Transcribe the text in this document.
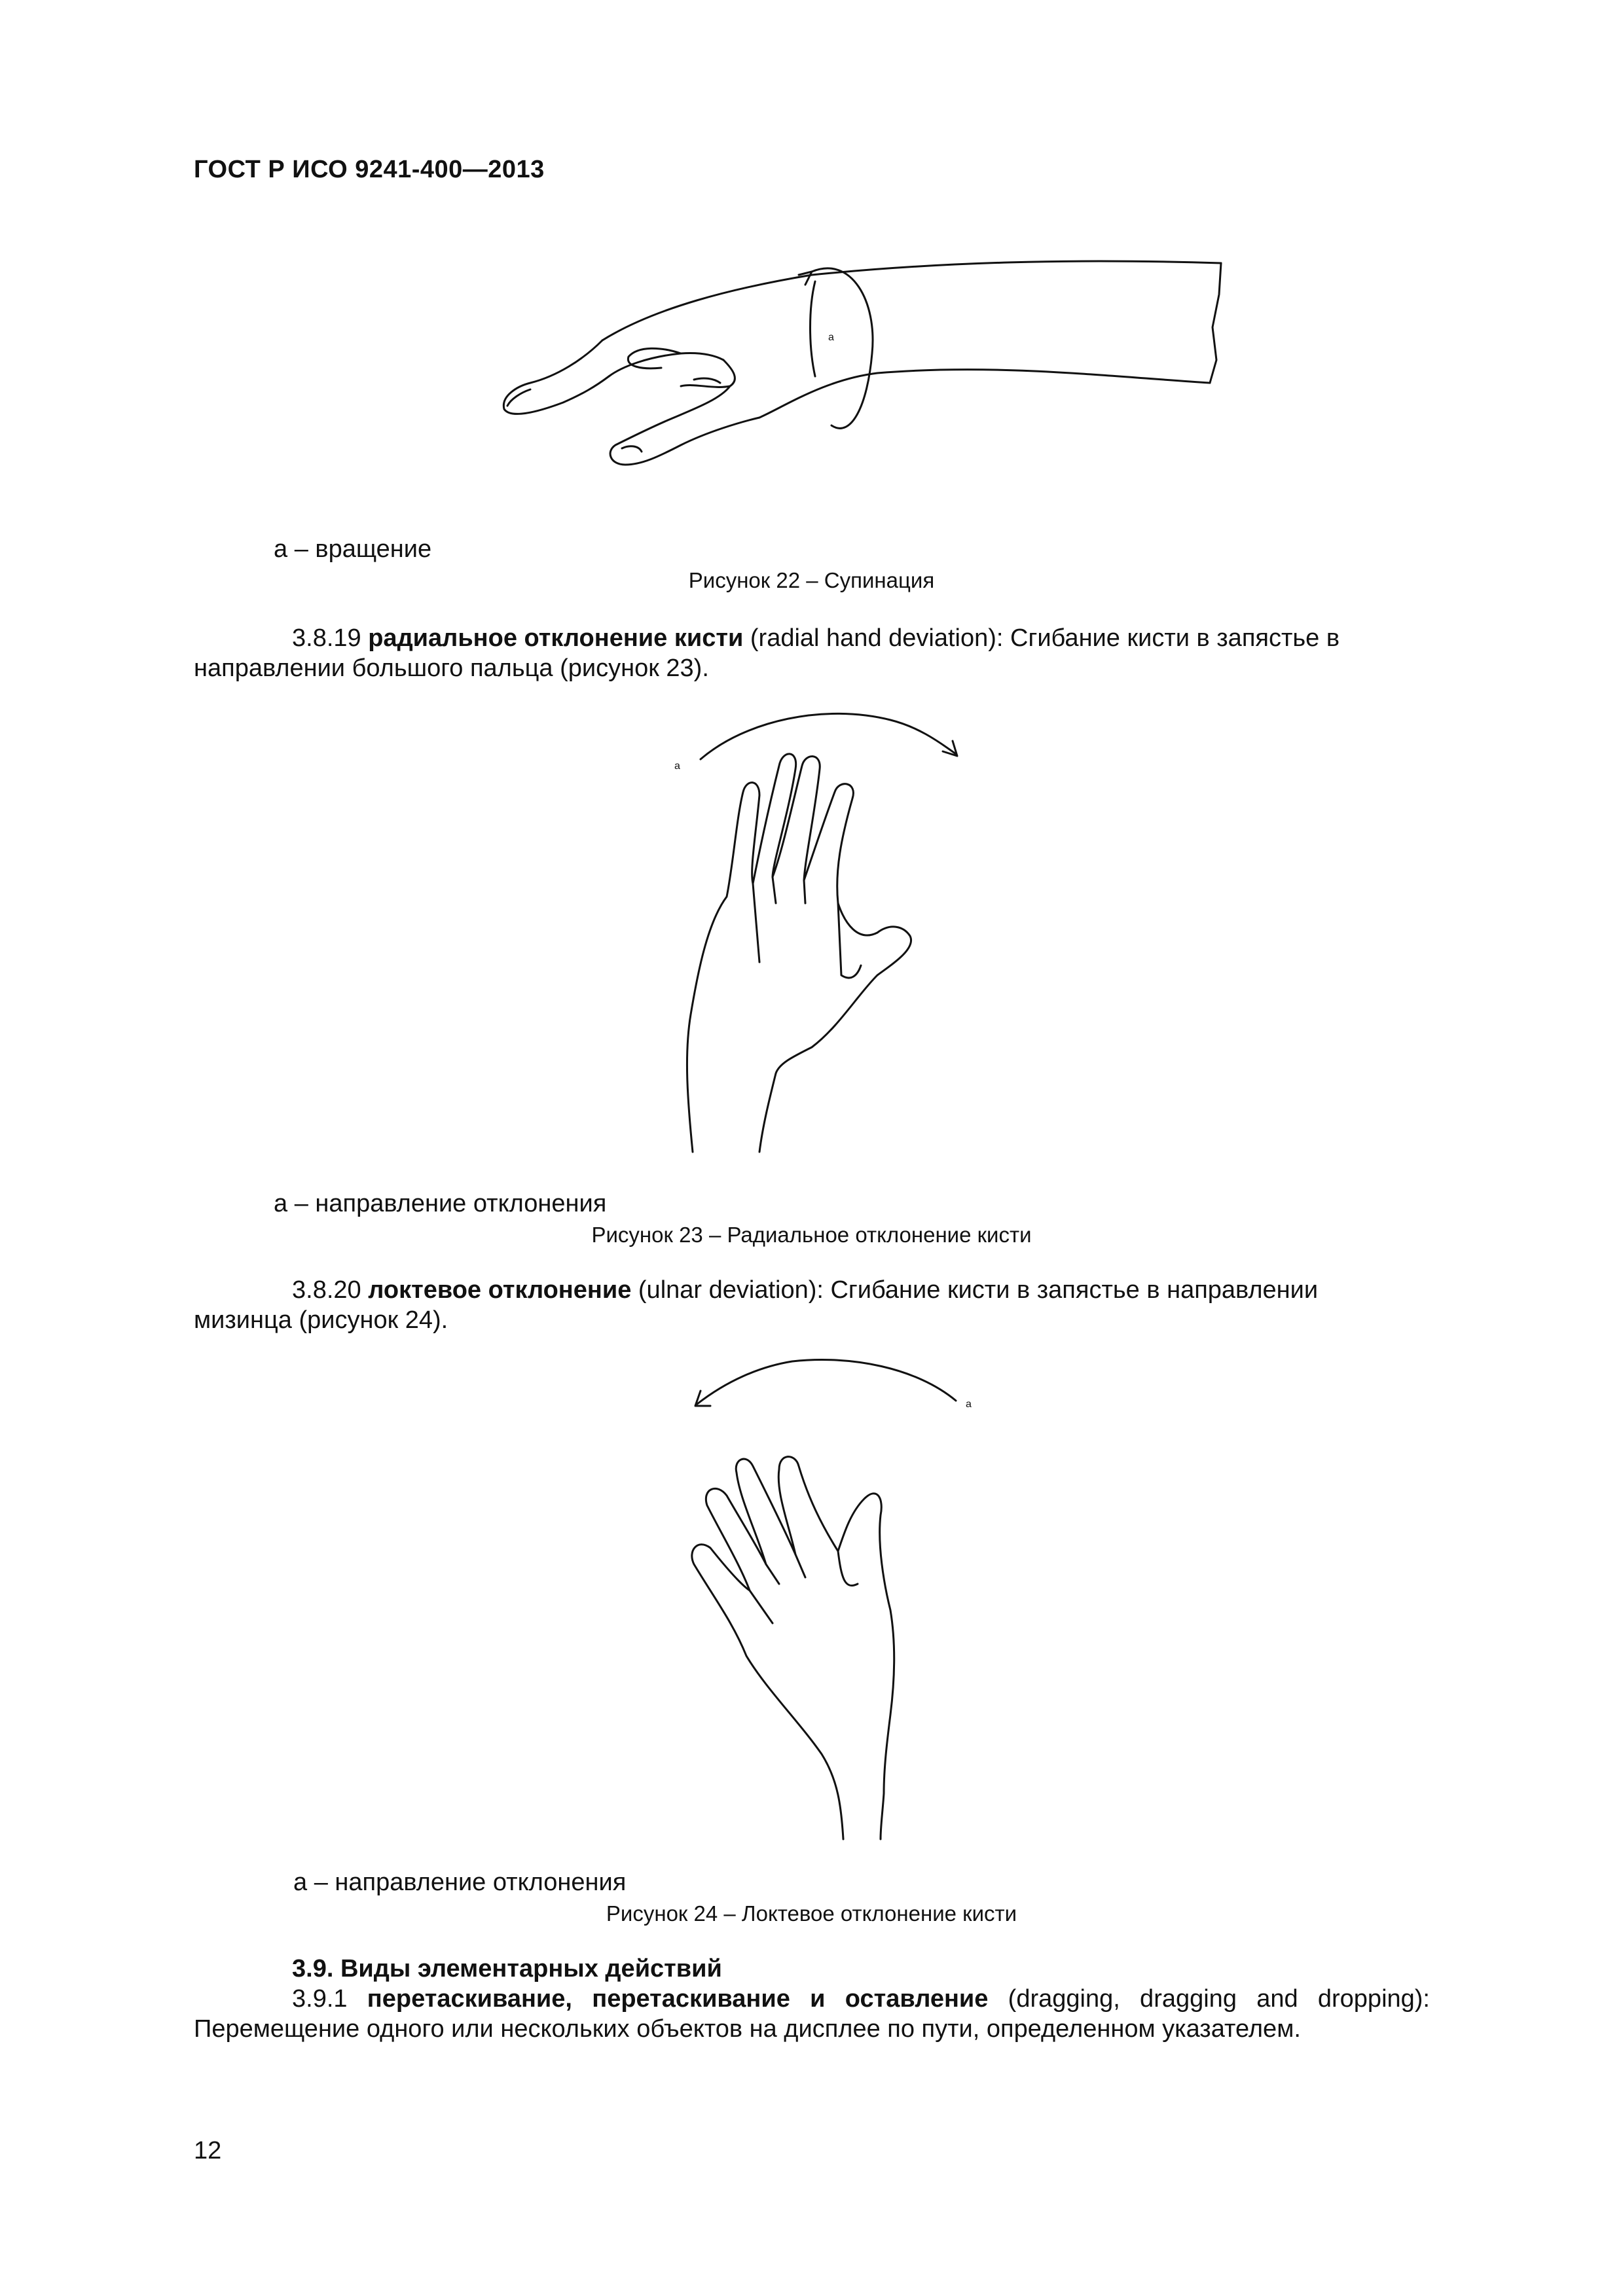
ГОСТ Р ИСО 9241-400—2013
a
а – вращение
Рисунок 22 – Супинация

3.8.19 радиальное отклонение кисти (radial hand deviation): Сгибание кисти в запястье в

направлении большого пальца (рисунок 23).

a
а – направление отклонения
Рисунок 23 – Радиальное отклонение кисти

3.8.20 локтевое отклонение (ulnar deviation): Сгибание кисти в запястье в направлении

мизинца (рисунок 24).

a
а – направление отклонения
Рисунок 24 – Локтевое отклонение кисти

3.9. Виды элементарных действий

3.9.1 перетаскивание, перетаскивание и оставление (dragging, dragging and dropping):

Перемещение одного или нескольких объектов на дисплее по пути, определенном указателем.

12
